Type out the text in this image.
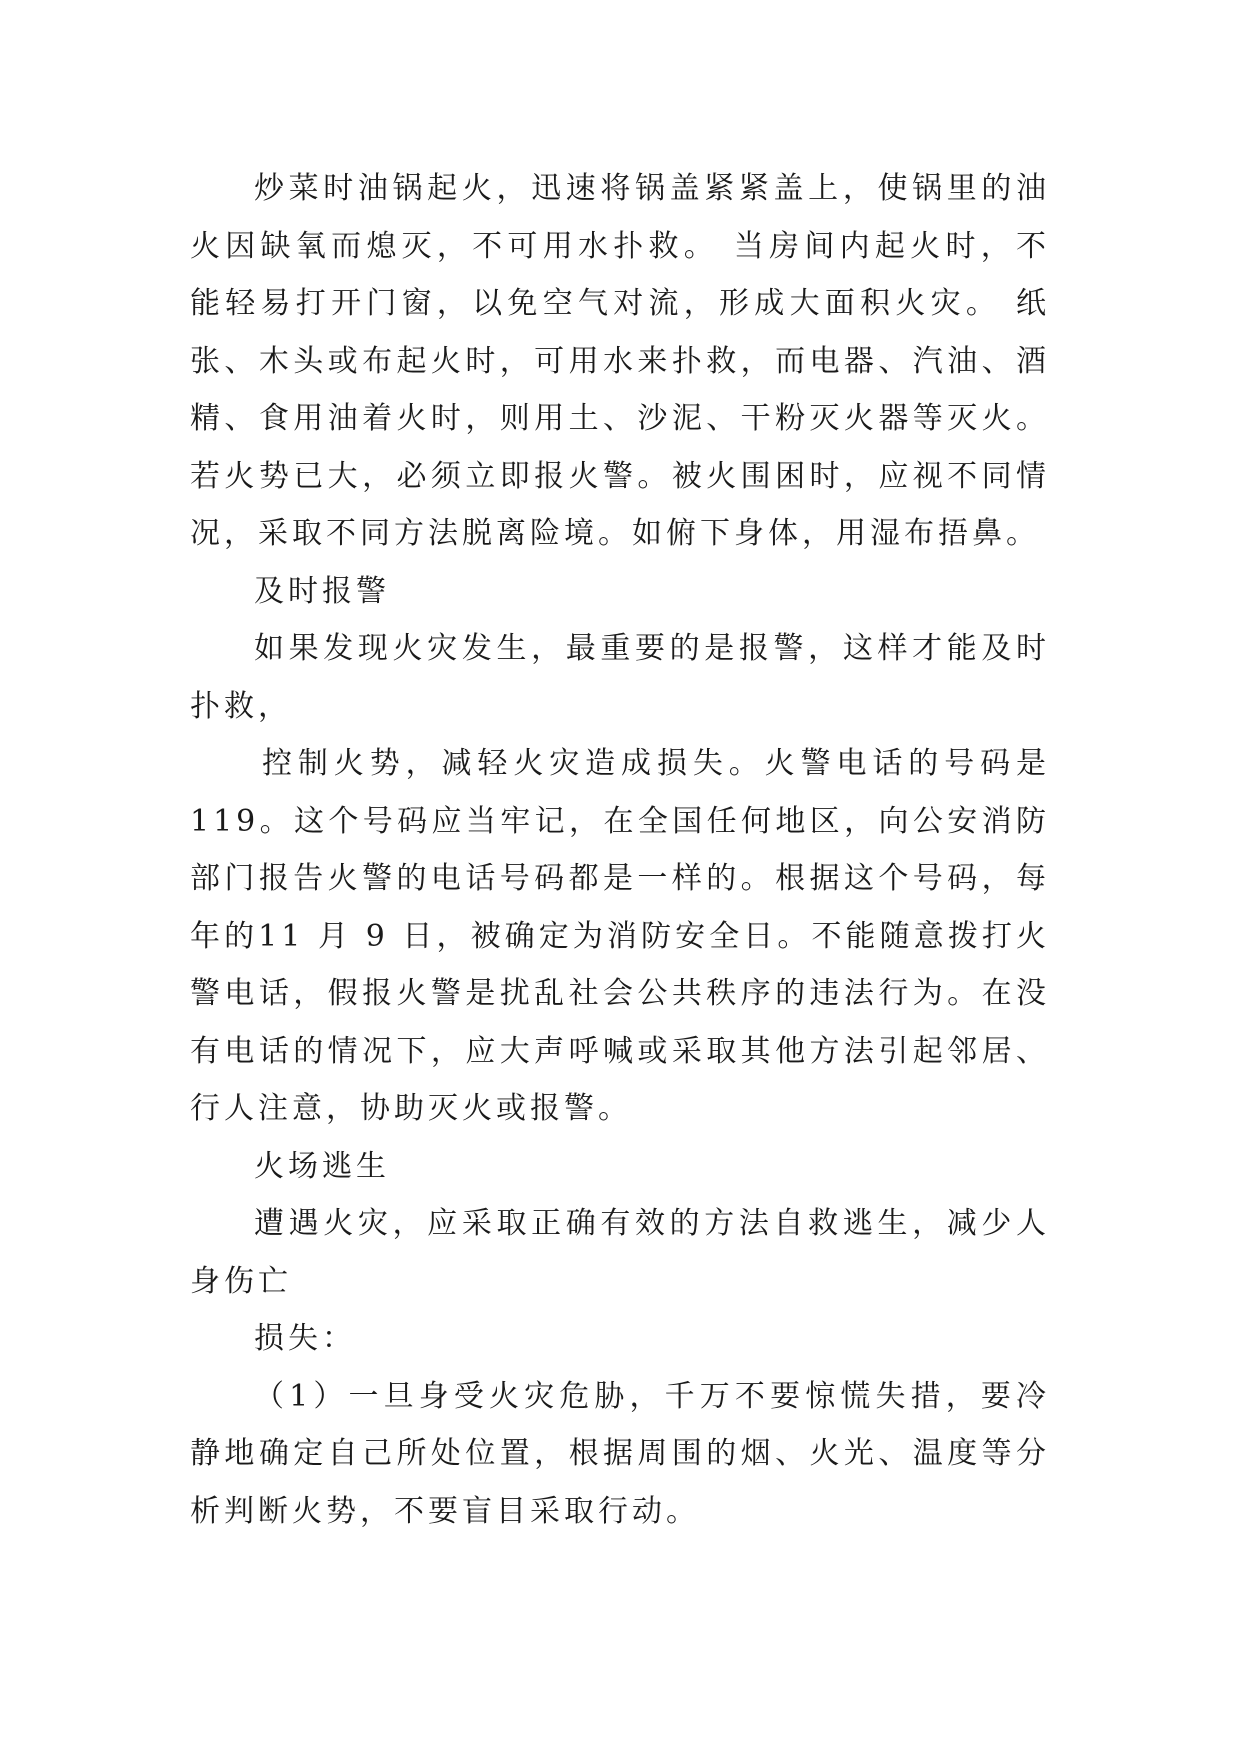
炒菜时油锅起火，迅速将锅盖紧紧盖上，使锅里的油火因缺氧而熄灭，不可用水扑救。 当房间内起火时，不能轻易打开门窗，以免空气对流，形成大面积火灾。 纸张、木头或布起火时，可用水来扑救，而电器、汽油、酒精、食用油着火时，则用土、沙泥、干粉灭火器等灭火。 若火势已大，必须立即报火警。被火围困时，应视不同情况，采取不同方法脱离险境。如俯下身体，用湿布捂鼻。

及时报警

如果发现火灾发生，最重要的是报警，这样才能及时扑救，

控制火势，减轻火灾造成损失。火警电话的号码是119。这个号码应当牢记，在全国任何地区，向公安消防部门报告火警的电话号码都是一样的。根据这个号码，每年的11 月 9 日，被确定为消防安全日。不能随意拨打火警电话，假报火警是扰乱社会公共秩序的违法行为。在没有电话的情况下，应大声呼喊或采取其他方法引起邻居、行人注意，协助灭火或报警。

火场逃生

遭遇火灾，应采取正确有效的方法自救逃生，减少人身伤亡

损失：

（1）一旦身受火灾危胁，千万不要惊慌失措，要冷静地确定自己所处位置，根据周围的烟、火光、温度等分析判断火势，不要盲目采取行动。
